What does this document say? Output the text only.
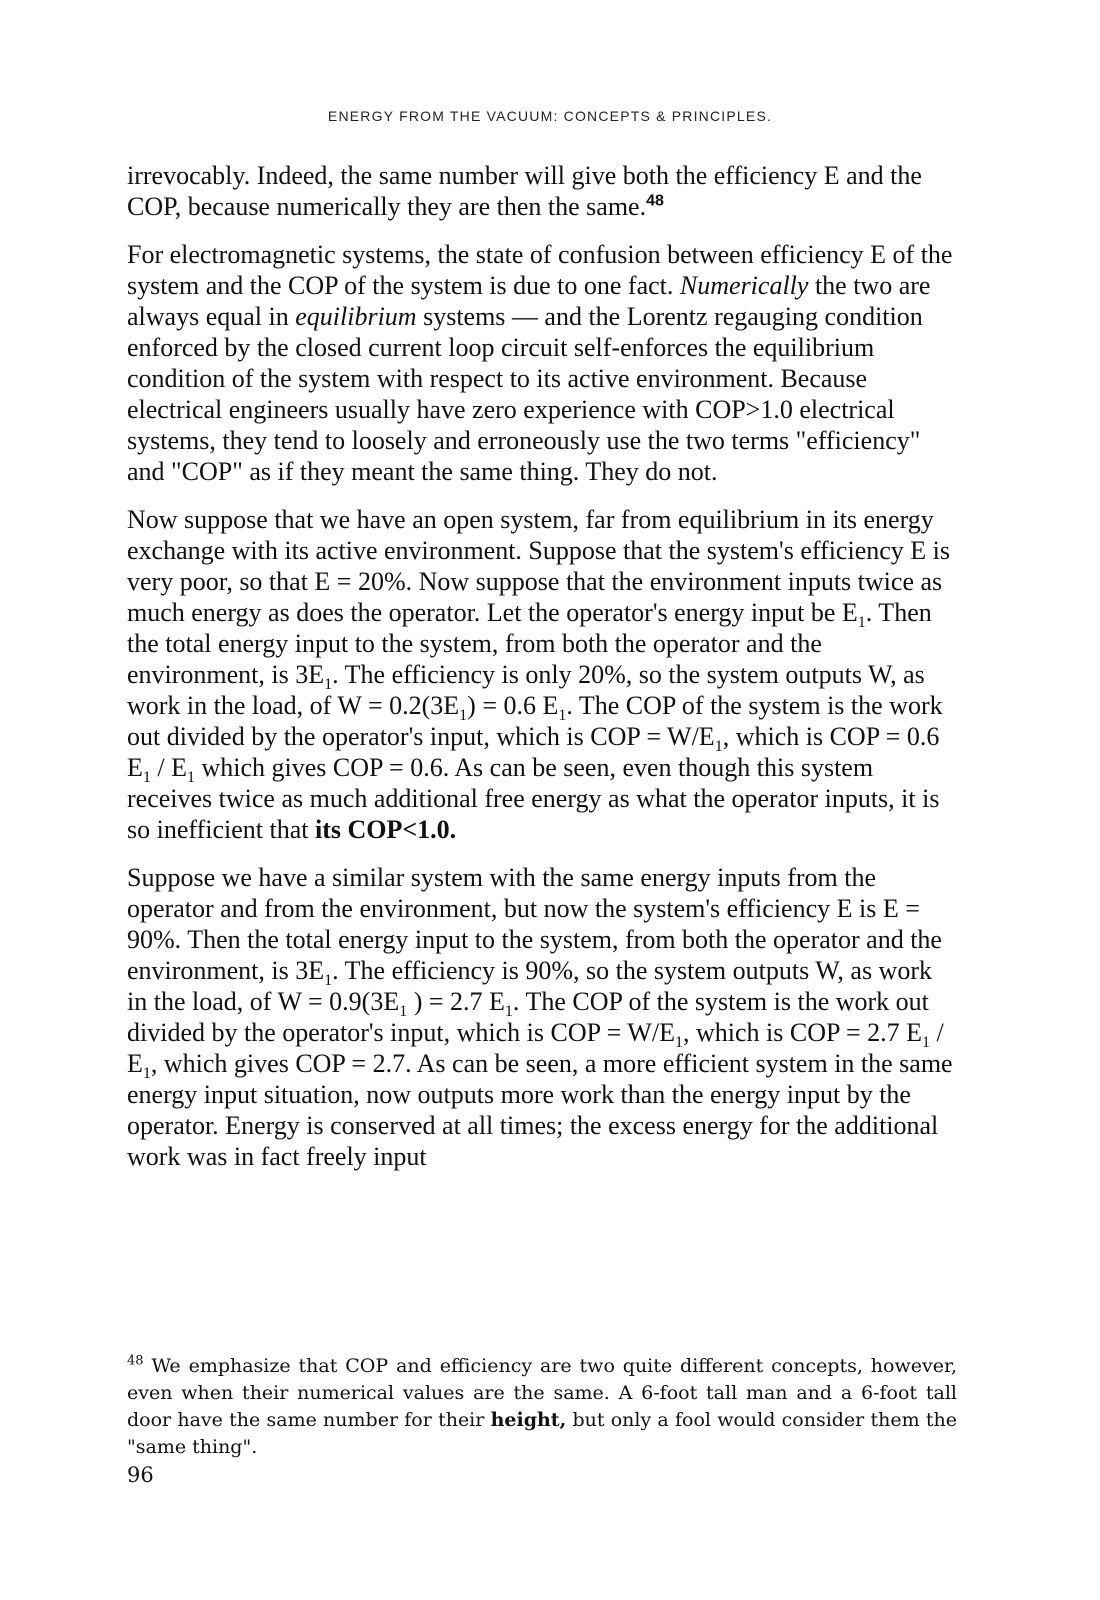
ENERGY FROM THE VACUUM: CONCEPTS & PRINCIPLES.

irrevocably. Indeed, the same number will give both the efficiency E and the COP, because numerically they are then the same.$^{48}$

For electromagnetic systems, the state of confusion between efficiency E of the system and the COP of the system is due to one fact. Numerically the two are always equal in equilibrium systems — and the Lorentz regauging condition enforced by the closed current loop circuit self-enforces the equilibrium condition of the system with respect to its active environment. Because electrical engineers usually have zero experience with COP>1.0 electrical systems, they tend to loosely and erroneously use the two terms "efficiency" and "COP" as if they meant the same thing. They do not.

Now suppose that we have an open system, far from equilibrium in its energy exchange with its active environment. Suppose that the system's efficiency E is very poor, so that E = 20%. Now suppose that the environment inputs twice as much energy as does the operator. Let the operator's energy input be $E_1$. Then the total energy input to the system, from both the operator and the environment, is $3E_1$. The efficiency is only 20%, so the system outputs W, as work in the load, of $W = 0.2(3E_1) = 0.6$ $E_1$. The COP of the system is the work out divided by the operator's input, which is COP = $W/E_1$, which is COP = 0.6 $E_1 / E_1$ which gives COP = 0.6. As can be seen, even though this system receives twice as much additional free energy as what the operator inputs, it is so inefficient that its COP<1.0.

Suppose we have a similar system with the same energy inputs from the operator and from the environment, but now the system's efficiency E is E = 90%. Then the total energy input to the system, from both the operator and the environment, is $3E_1$. The efficiency is 90%, so the system outputs W, as work in the load, of $W = 0.9(3E_1$ ) = 2.7 $E_1$. The COP of the system is the work out divided by the operator's input, which is COP = $W/E_1$, which is COP = 2.7 $E_1 / E_1$, which gives COP = 2.7. As can be seen, a more efficient system in the same energy input situation, now outputs more work than the energy input by the operator. Energy is conserved at all times; the excess energy for the additional work was in fact freely input

$^{48}$ We emphasize that COP and efficiency are two quite different concepts, however, even when their numerical values are the same. A 6-foot tall man and a 6-foot tall door have the same number for their height, but only a fool would consider them the "same thing".
96
